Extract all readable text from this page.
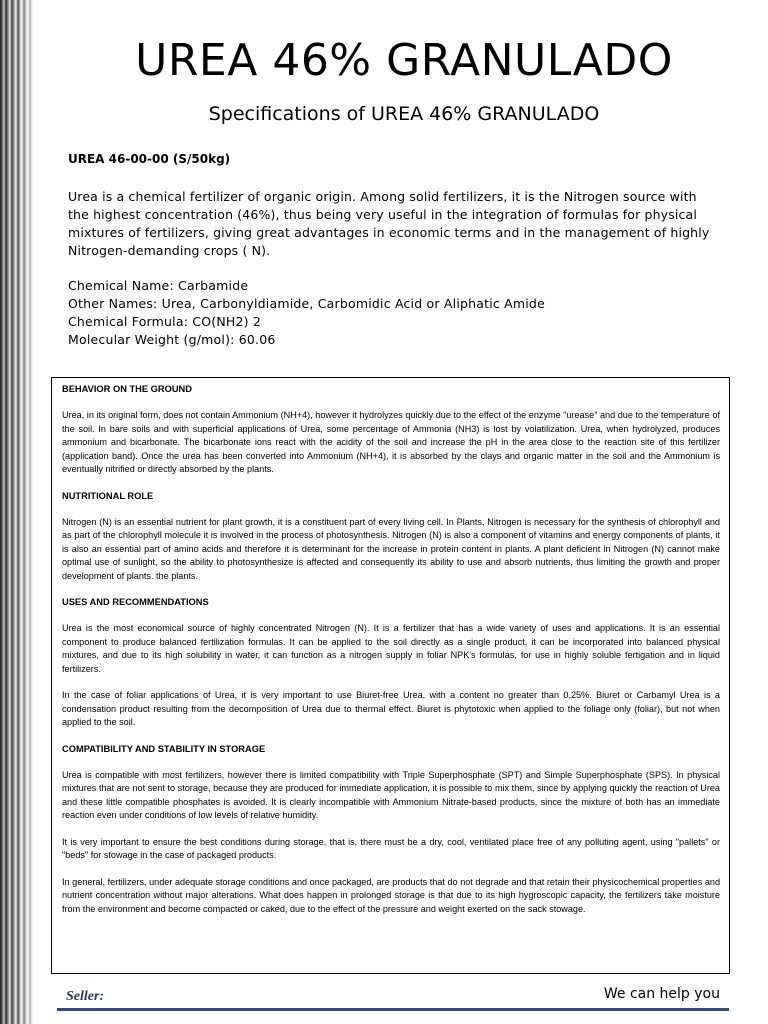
UREA 46% GRANULADO
Specifications of UREA 46% GRANULADO

UREA 46-00-00 (S/50kg)

Urea is a chemical fertilizer of organic origin. Among solid fertilizers, it is the Nitrogen source with the highest concentration (46%), thus being very useful in the integration of formulas for physical mixtures of fertilizers, giving great advantages in economic terms and in the management of highly Nitrogen-demanding crops ( N).

Chemical Name: Carbamide

Other Names: Urea, Carbonyldiamide, Carbomidic Acid or Aliphatic Amide

Chemical Formula: CO(NH2) 2

Molecular Weight (g/mol): 60.06

BEHAVIOR ON THE GROUND

Urea, in its original form, does not contain Ammonium (NH+4), however it hydrolyzes quickly due to the effect of the enzyme "urease" and due to the temperature of the soil. In bare soils and with superficial applications of Urea, some percentage of Ammonia (NH3) is lost by volatilization. Urea, when hydrolyzed, produces ammonium and bicarbonate. The bicarbonate ions react with the acidity of the soil and increase the pH in the area close to the reaction site of this fertilizer (application band). Once the urea has been converted into Ammonium (NH+4), it is absorbed by the clays and organic matter in the soil and the Ammonium is eventually nitrified or directly absorbed by the plants.

NUTRITIONAL ROLE

Nitrogen (N) is an essential nutrient for plant growth, it is a constituent part of every living cell. In Plants, Nitrogen is necessary for the synthesis of chlorophyll and as part of the chlorophyll molecule it is involved in the process of photosynthesis. Nitrogen (N) is also a component of vitamins and energy components of plants, it is also an essential part of amino acids and therefore it is determinant for the increase in protein content in plants. A plant deficient in Nitrogen (N) cannot make optimal use of sunlight, so the ability to photosynthesize is affected and consequently its ability to use and absorb nutrients, thus limiting the growth and proper development of plants. the plants.

USES AND RECOMMENDATIONS

Urea is the most economical source of highly concentrated Nitrogen (N). It is a fertilizer that has a wide variety of uses and applications. It is an essential component to produce balanced fertilization formulas. It can be applied to the soil directly as a single product, it can be incorporated into balanced physical mixtures, and due to its high solubility in water, it can function as a nitrogen supply in foliar NPK's formulas, for use in highly soluble fertigation and in liquid fertilizers.

In the case of foliar applications of Urea, it is very important to use Biuret-free Urea, with a content no greater than 0.25%. Biuret or Carbamyl Urea is a condensation product resulting from the decomposition of Urea due to thermal effect. Biuret is phytotoxic when applied to the foliage only (foliar), but not when applied to the soil.

COMPATIBILITY AND STABILITY IN STORAGE

Urea is compatible with most fertilizers, however there is limited compatibility with Triple Superphosphate (SPT) and Simple Superphosphate (SPS). In physical mixtures that are not sent to storage, because they are produced for immediate application, it is possible to mix them, since by applying quickly the reaction of Urea and these little compatible phosphates is avoided. It is clearly incompatible with Ammonium Nitrate-based products, since the mixture of both has an immediate reaction even under conditions of low levels of relative humidity.

It is very important to ensure the best conditions during storage, that is, there must be a dry, cool, ventilated place free of any polluting agent, using "pallets" or "beds" for stowage in the case of packaged products.

In general, fertilizers, under adequate storage conditions and once packaged, are products that do not degrade and that retain their physicochemical properties and nutrient concentration without major alterations. What does happen in prolonged storage is that due to its high hygroscopic capacity, the fertilizers take moisture from the environment and become compacted or caked, due to the effect of the pressure and weight exerted on the sack stowage.

Seller:	We can help you
